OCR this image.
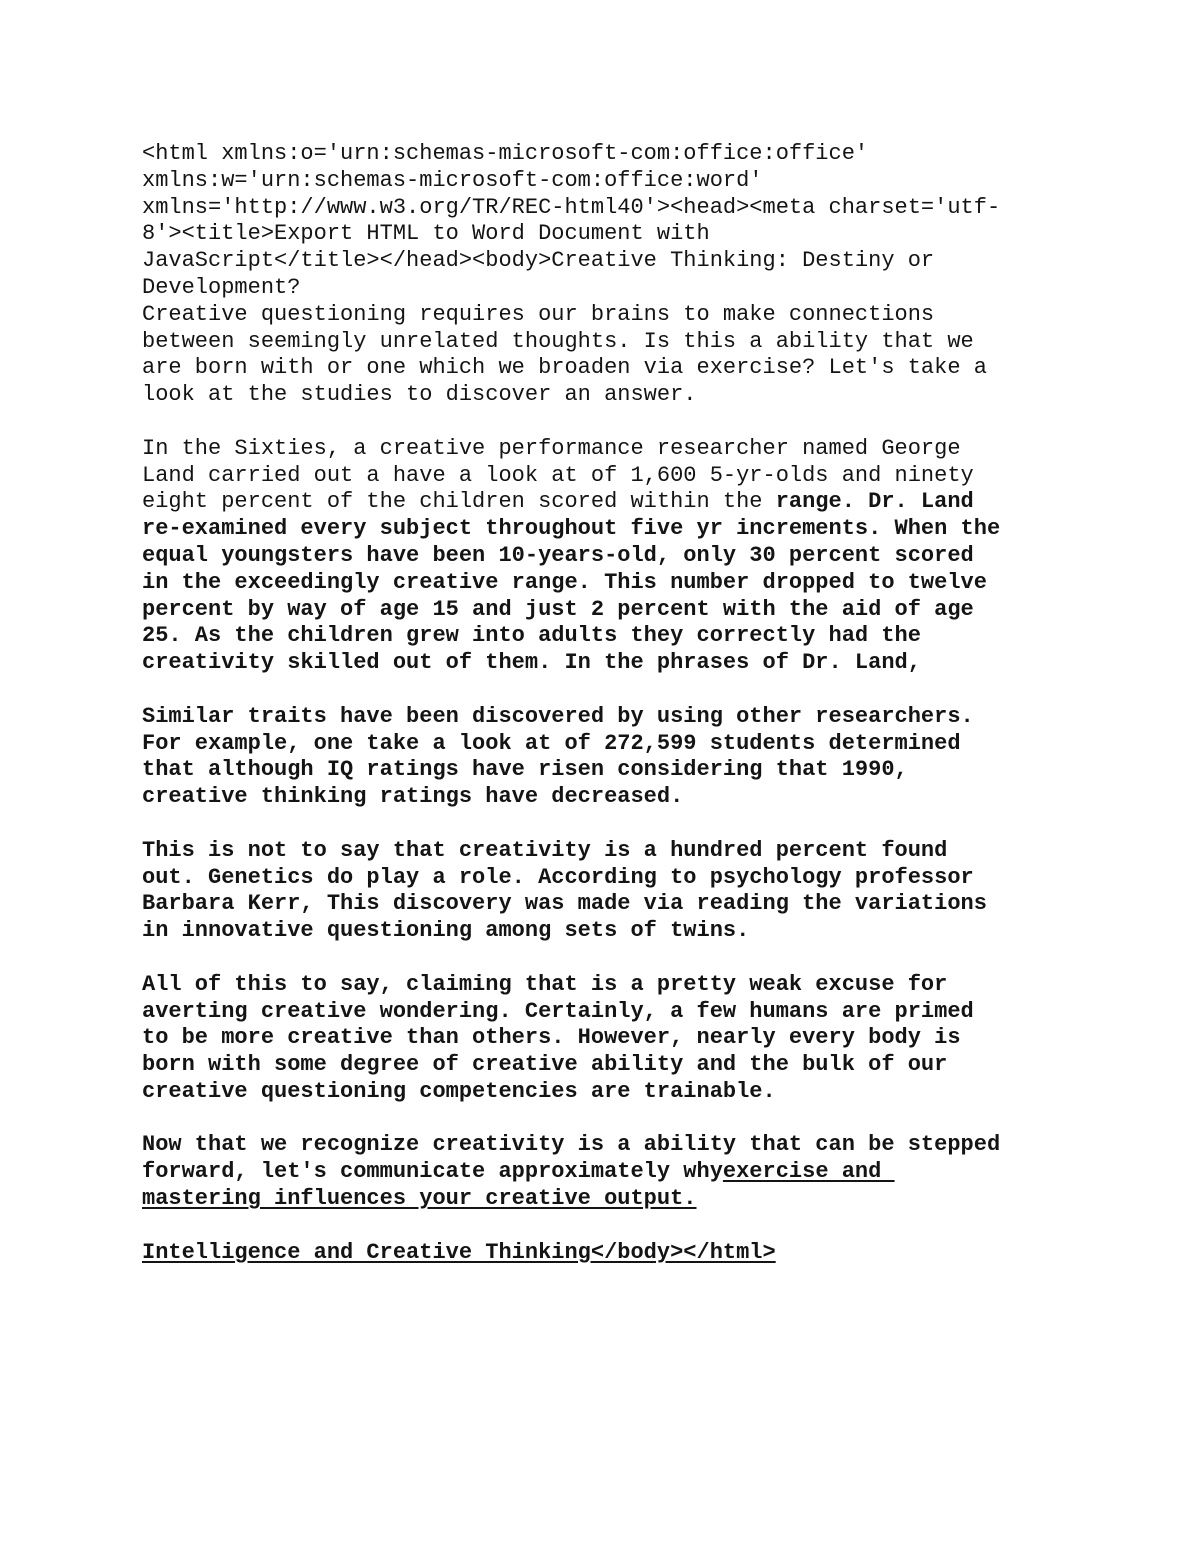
<html xmlns:o='urn:schemas-microsoft-com:office:office'
xmlns:w='urn:schemas-microsoft-com:office:word'
xmlns='http://www.w3.org/TR/REC-html40'><head><meta charset='utf-
8'><title>Export HTML to Word Document with
JavaScript</title></head><body>Creative Thinking: Destiny or
Development?
Creative questioning requires our brains to make connections
between seemingly unrelated thoughts. Is this a ability that we
are born with or one which we broaden via exercise? Let's take a
look at the studies to discover an answer.
In the Sixties, a creative performance researcher named George
Land carried out a have a look at of 1,600 5-yr-olds and ninety
eight percent of the children scored within the range. Dr. Land
re-examined every subject throughout five yr increments. When the
equal youngsters have been 10-years-old, only 30 percent scored
in the exceedingly creative range. This number dropped to twelve
percent by way of age 15 and just 2 percent with the aid of age
25. As the children grew into adults they correctly had the
creativity skilled out of them. In the phrases of Dr. Land,
Similar traits have been discovered by using other researchers.
For example, one take a look at of 272,599 students determined
that although IQ ratings have risen considering that 1990,
creative thinking ratings have decreased.
This is not to say that creativity is a hundred percent found
out. Genetics do play a role. According to psychology professor
Barbara Kerr, This discovery was made via reading the variations
in innovative questioning among sets of twins.
All of this to say, claiming that is a pretty weak excuse for
averting creative wondering. Certainly, a few humans are primed
to be more creative than others. However, nearly every body is
born with some degree of creative ability and the bulk of our
creative questioning competencies are trainable.
Now that we recognize creativity is a ability that can be stepped
forward, let's communicate approximately whyexercise and
mastering influences your creative output.
Intelligence and Creative Thinking</body></html>
